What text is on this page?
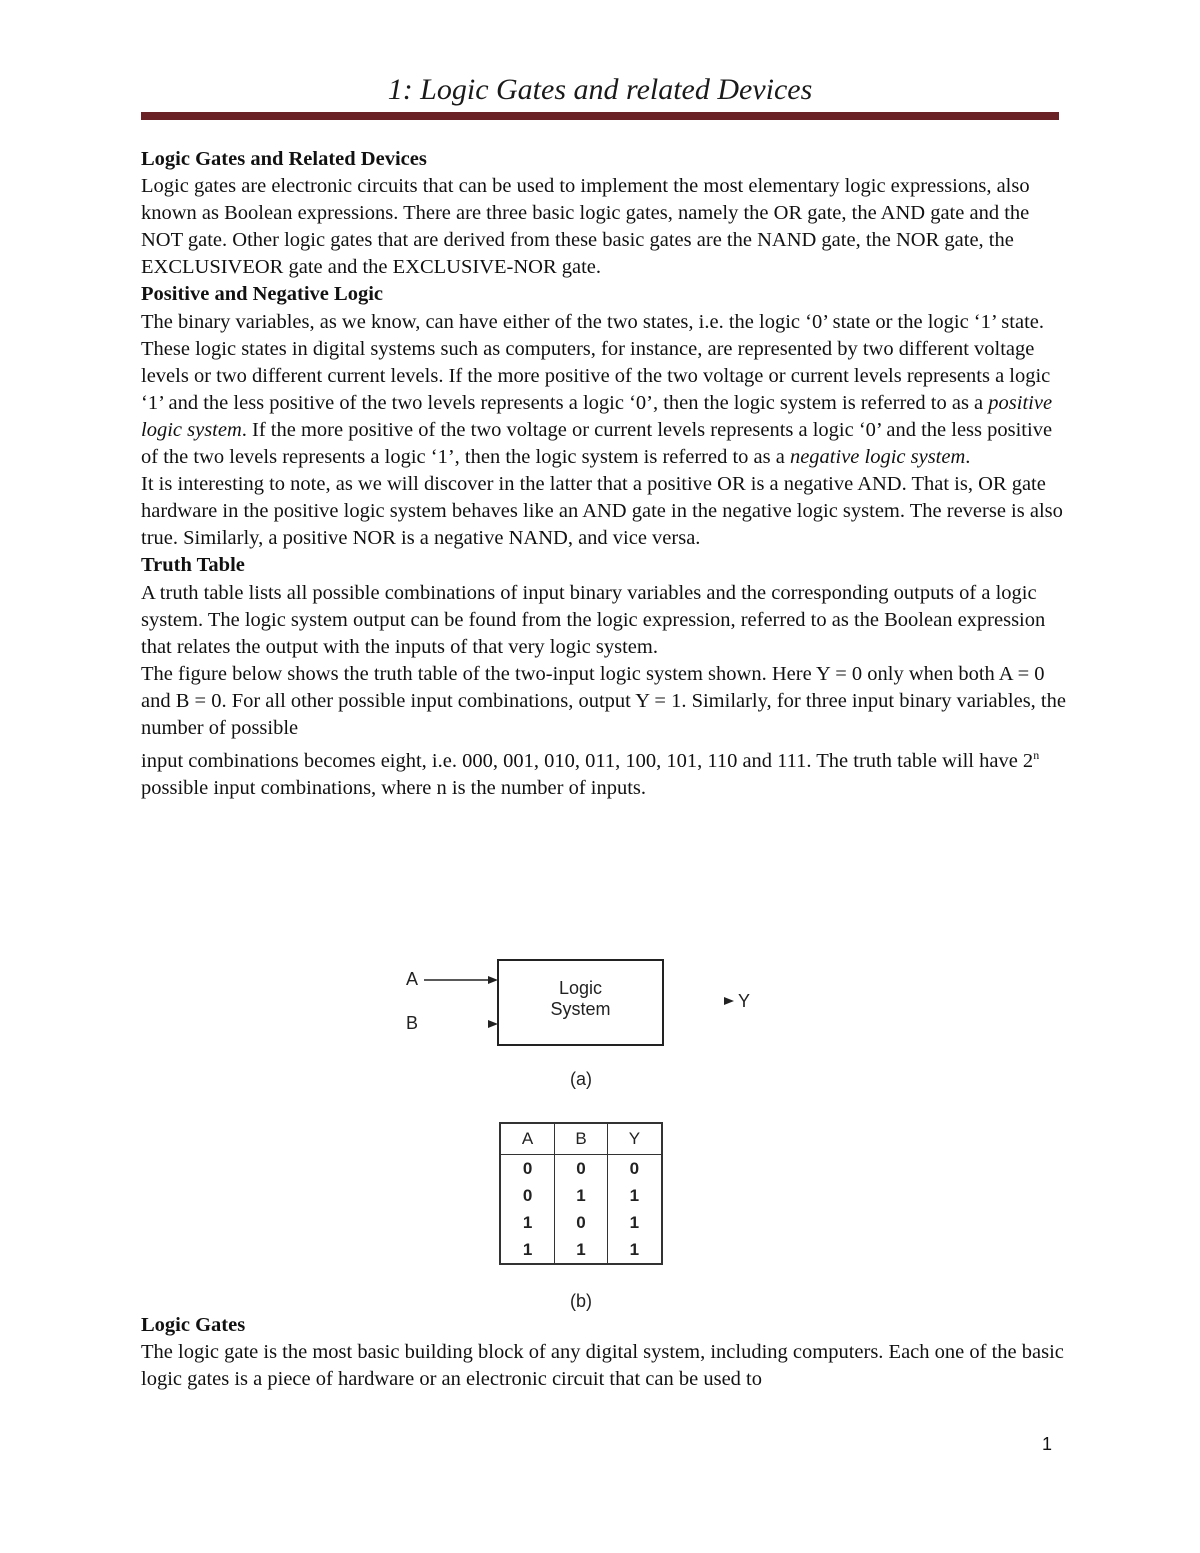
1: Logic Gates and related Devices

Logic Gates and Related Devices

Logic gates are electronic circuits that can be used to implement the most elementary logic expressions, also known as Boolean expressions. There are three basic logic gates, namely the OR gate, the AND gate and the NOT gate. Other logic gates that are derived from these basic gates are the NAND gate, the NOR gate, the EXCLUSIVEOR gate and the EXCLUSIVE-NOR gate.

Positive and Negative Logic

The binary variables, as we know, can have either of the two states, i.e. the logic ‘0’ state or the logic ‘1’ state. These logic states in digital systems such as computers, for instance, are represented by two different voltage levels or two different current levels. If the more positive of the two voltage or current levels represents a logic ‘1’ and the less positive of the two levels represents a logic ‘0’, then the logic system is referred to as a positive logic system. If the more positive of the two voltage or current levels represents a logic ‘0’ and the less positive of the two levels represents a logic ‘1’, then the logic system is referred to as a negative logic system.

It is interesting to note, as we will discover in the latter that a positive OR is a negative AND. That is, OR gate hardware in the positive logic system behaves like an AND gate in the negative logic system. The reverse is also true. Similarly, a positive NOR is a negative NAND, and vice versa.

Truth Table

A truth table lists all possible combinations of input binary variables and the corresponding outputs of a logic system. The logic system output can be found from the logic expression, referred to as the Boolean expression that relates the output with the inputs of that very logic system.

The figure below shows the truth table of the two-input logic system shown. Here Y = 0 only when both A = 0 and B = 0. For all other possible input combinations, output Y = 1. Similarly, for three input binary variables, the number of possible

input combinations becomes eight, i.e. 000, 001, 010, 011, 100, 101, 110 and 111. The truth table will have 2$^n$ possible input combinations, where n is the number of inputs.

A
B
Logic
System	Y
(a)
A	B	Y
0	0	0
0	1	1
1	0	1
1	1	1
(b)

Logic Gates

The logic gate is the most basic building block of any digital system, including computers. Each one of the basic logic gates is a piece of hardware or an electronic circuit that can be used to

1
